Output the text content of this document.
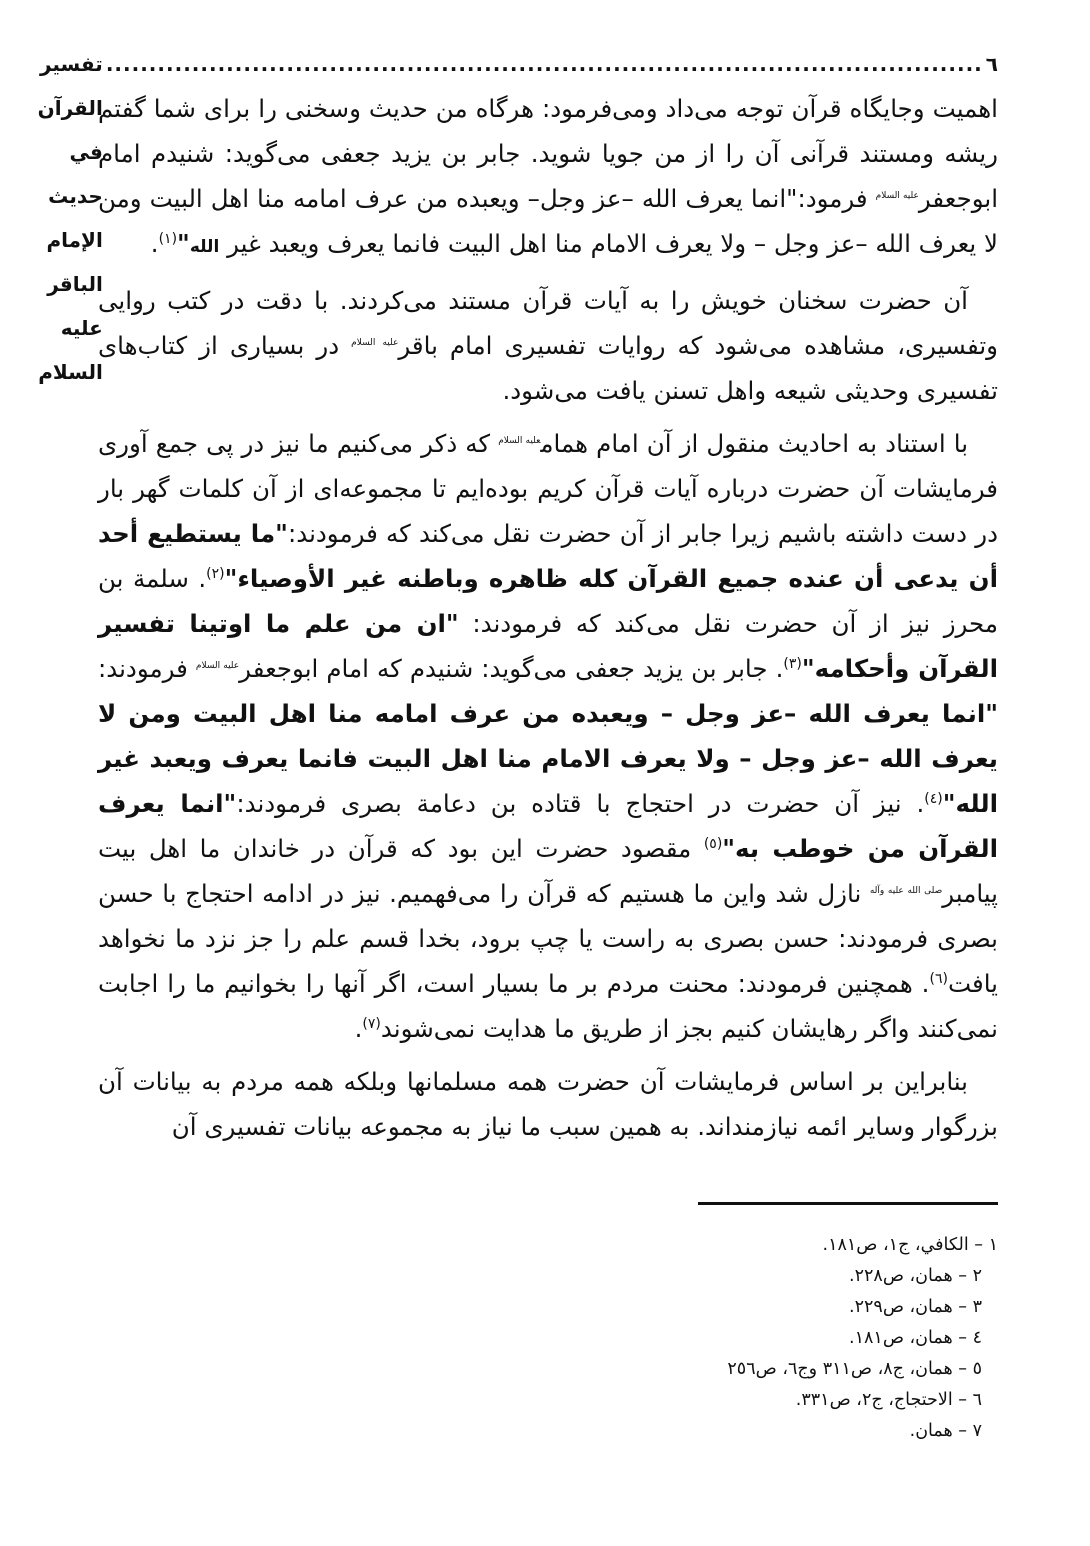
٦
......................................................................................................
تفسير القرآن في حديث الإمام الباقر عليه السلام

اهمیت وجایگاه قرآن توجه می‌داد ومی‌فرمود: هرگاه من حدیث وسخنی را برای شما گفتم ریشه ومستند قرآنی آن را از من جویا شوید. جابر بن یزید جعفی می‌گوید: شنیدم امام ابوجعفر$^{عليه السلام}$ فرمود:"انما یعرف الله –عز وجل– ویعبده من عرف امامه منا اهل البیت ومن لا یعرف الله –عز وجل – ولا یعرف الامام منا اهل البیت فانما یعرف ویعبد غیر الله"$^{(١)}$.

آن حضرت سخنان خویش را به آیات قرآن مستند می‌کردند. با دقت در کتب روایی وتفسیری، مشاهده می‌شود که روایات تفسیری امام باقر$^{عليه السلام}$ در بسیاری از کتاب‌های تفسیری وحدیثی شیعه واهل تسنن یافت می‌شود.

با استناد به احادیث منقول از آن امام همام$^{عليه السلام}$ که ذکر می‌کنیم ما نیز در پی جمع آوری فرمایشات آن حضرت درباره آیات قرآن کریم بوده‌ایم تا مجموعه‌ای از آن کلمات گهر بار در دست داشته باشیم زیرا جابر از آن حضرت نقل می‌کند که فرمودند:"ما يستطيع أحد أن يدعی أن عنده جميع القرآن كله ظاهره وباطنه غير الأوصياء"$^{(٢)}$. سلمة بن محرز نیز از آن حضرت نقل می‌کند که فرمودند: "ان من علم ما اوتينا تفسير القرآن وأحكامه"$^{(٣)}$. جابر بن یزید جعفی می‌گوید: شنیدم که امام ابوجعفر$^{عليه السلام}$ فرمودند: "انما يعرف الله –عز وجل – ويعبده من عرف امامه منا اهل البيت ومن لا يعرف الله –عز وجل – ولا يعرف الامام منا اهل البيت فانما يعرف ويعبد غير الله"$^{(٤)}$. نیز آن حضرت در احتجاج با قتاده بن دعامة بصری فرمودند:"انما يعرف القرآن من خوطب به"$^{(٥)}$ مقصود حضرت این بود که قرآن در خاندان ما اهل بیت پیامبر$^{صلى الله عليه وآله}$ نازل شد واین ما هستیم که قرآن را می‌فهمیم. نیز در ادامه احتجاج با حسن بصری فرمودند: حسن بصری به راست یا چپ برود، بخدا قسم علم را جز نزد ما نخواهد یافت$^{(٦)}$. همچنین فرمودند: محنت مردم بر ما بسیار است، اگر آنها را بخوانیم ما را اجابت نمی‌کنند واگر رهایشان کنیم بجز از طریق ما هدایت نمی‌شوند$^{(٧)}$.

بنابراین بر اساس فرمایشات آن حضرت همه مسلمانها وبلکه همه مردم به بیانات آن بزرگوار وسایر ائمه نیازمنداند. به همین سبب ما نیاز به مجموعه بیانات تفسیری آن

١ – الكافي، ج١، ص١٨١.

٢ – همان، ص٢٢٨.

٣ – همان، ص٢٢٩.

٤ – همان، ص١٨١.

٥ – همان، ج٨، ص٣١١ وج٦، ص٢٥٦

٦ – الاحتجاج، ج٢، ص٣٣١.

٧ – همان.
